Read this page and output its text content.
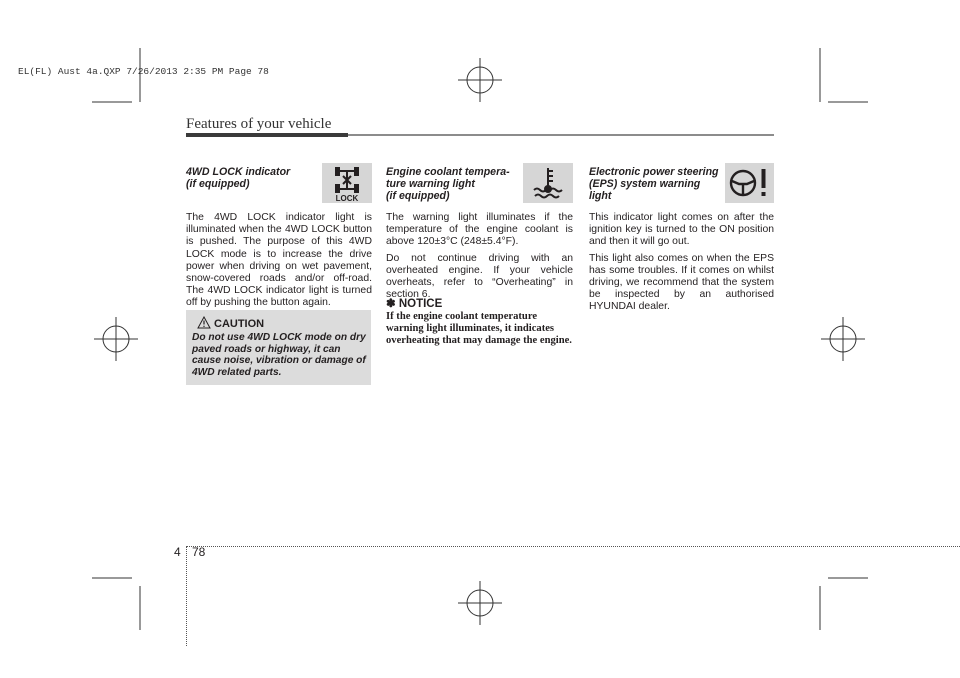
EL(FL) Aust 4a.QXP 7/26/2013 2:35 PM Page 78
Features of your vehicle
4WD LOCK indicator
(if equipped)
LOCK

The 4WD LOCK indicator light is illuminated when the 4WD LOCK button is pushed. The purpose of this 4WD LOCK mode is to increase the drive power when driving on wet pavement, snow-covered roads and/or off-road. The 4WD LOCK indicator light is turned off by pushing the button again.

CAUTION
Do not use 4WD LOCK mode on dry paved roads or highway, it can cause noise, vibration or damage of 4WD related parts.
Engine coolant tempera-
ture warning light
(if equipped)

The warning light illuminates if the temperature of the engine coolant is above 120±3°C (248±5.4°F).

Do not continue driving with an overheated engine. If your vehicle overheats, refer to “Overheating” in section 6.

✽ NOTICE
If the engine coolant temperature warning light illuminates, it indicates overheating that may damage the engine.
Electronic power steering
(EPS) system warning
light

This indicator light comes on after the ignition key is turned to the ON position and then it will go out.

This light also comes on when the EPS has some troubles. If it comes on whilst driving, we recommend that the system be inspected by an authorised HYUNDAI dealer.

4 78
